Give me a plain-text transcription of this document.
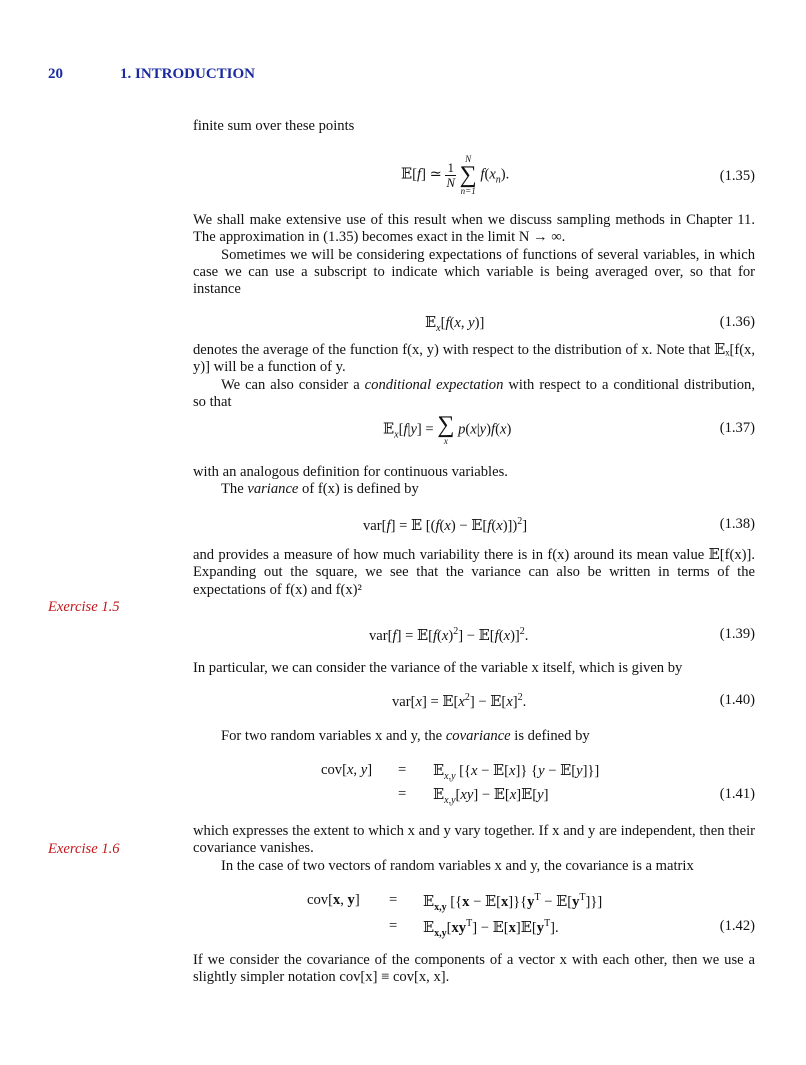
20	1. INTRODUCTION

finite sum over these points

𝔼[f] ≃ $\frac{1}{N}$

N
∑
n=1
$f(x_n)$.	(1.35)

We shall make extensive use of this result when we discuss sampling methods in Chapter 11. The approximation in (1.35) becomes exact in the limit N → ∞.

Sometimes we will be considering expectations of functions of several variables, in which case we can use a subscript to indicate which variable is being averaged over, so that for instance

𝔼$_x$[f(x, y)]	(1.36)

denotes the average of the function f(x, y) with respect to the distribution of x. Note that 𝔼ₓ[f(x, y)] will be a function of y.

We can also consider a conditional expectation with respect to a conditional distribution, so that

𝔼$_x$[f|y] = ∑
x
p(x|y)f(x)	(1.37)

with an analogous definition for continuous variables.

The variance of f(x) is defined by

var[f] = 𝔼 [(f(x) − 𝔼[f(x)])$^2$]	(1.38)

and provides a measure of how much variability there is in f(x) around its mean value 𝔼[f(x)]. Expanding out the square, we see that the variance can also be written in terms of the expectations of f(x) and f(x)²

Exercise 1.5
$var[f] = 𝔼[f(x)^2]$ − $𝔼[f(x)]^2$.	(1.39)

In particular, we can consider the variance of the variable x itself, which is given by

$var[x] = 𝔼[x^2]$ − $𝔼[x]^2$.	(1.40)

For two random variables x and y, the covariance is defined by

cov[x, y] = 𝔼$_{x,y}$ [{x − 𝔼[x]} {y − 𝔼[y]}]
= 𝔼$_{x,y}$[xy] − 𝔼[x]𝔼[y]	(1.41)

which expresses the extent to which x and y vary together. If x and y are independent, then their covariance vanishes.

In the case of two vectors of random variables x and y, the covariance is a matrix

Exercise 1.6
cov[x, y] = 𝔼$_{x,y}$ [$\{x - 𝔼[x]\}\{y^T$ − $𝔼[y^T]$}]
= $𝔼_{x,y}[xy^T]$ − $𝔼[x]𝔼[y^T]$.	(1.42)

If we consider the covariance of the components of a vector x with each other, then we use a slightly simpler notation cov[x] ≡ cov[x, x].
